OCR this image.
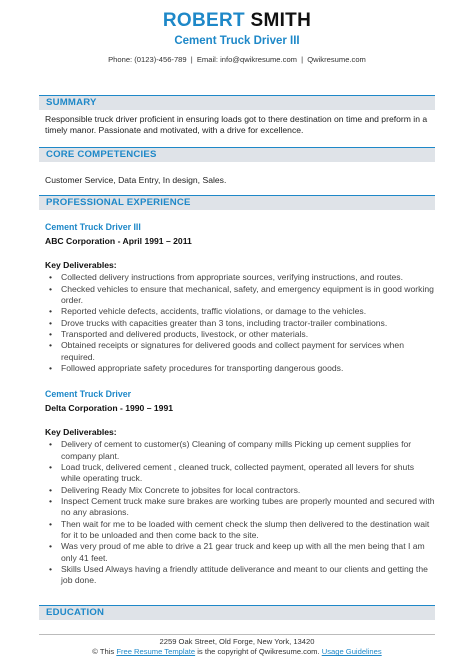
ROBERT SMITH
Cement Truck Driver III
Phone: (0123)-456-789 | Email: info@qwikresume.com | Qwikresume.com
SUMMARY
Responsible truck driver proficient in ensuring loads got to there destination on time and preform in a timely manor. Passionate and motivated, with a drive for excellence.
CORE COMPETENCIES
Customer Service, Data Entry, In design, Sales.
PROFESSIONAL EXPERIENCE
Cement Truck Driver III
ABC Corporation - April 1991 – 2011
Key Deliverables:
• Collected delivery instructions from appropriate sources, verifying instructions, and routes.
• Checked vehicles to ensure that mechanical, safety, and emergency equipment is in good working order.
• Reported vehicle defects, accidents, traffic violations, or damage to the vehicles.
• Drove trucks with capacities greater than 3 tons, including tractor-trailer combinations.
• Transported and delivered products, livestock, or other materials.
• Obtained receipts or signatures for delivered goods and collect payment for services when required.
• Followed appropriate safety procedures for transporting dangerous goods.
Cement Truck Driver
Delta Corporation - 1990 – 1991
Key Deliverables:
• Delivery of cement to customer(s) Cleaning of company mills Picking up cement supplies for company plant.
• Load truck, delivered cement , cleaned truck, collected payment, operated all levers for shuts while operating truck.
• Delivering Ready Mix Concrete to jobsites for local contractors.
• Inspect Cement truck make sure brakes are working tubes are properly mounted and secured with no any abrasions.
• Then wait for me to be loaded with cement check the slump then delivered to the destination wait for it to be unloaded and then come back to the site.
• Was very proud of me able to drive a 21 gear truck and keep up with all the men being that I am only 41 feet.
• Skills Used Always having a friendly attitude deliverance and meant to our clients and getting the job done.
EDUCATION
2259 Oak Street, Old Forge, New York, 13420
© This Free Resume Template is the copyright of Qwikresume.com. Usage Guidelines
